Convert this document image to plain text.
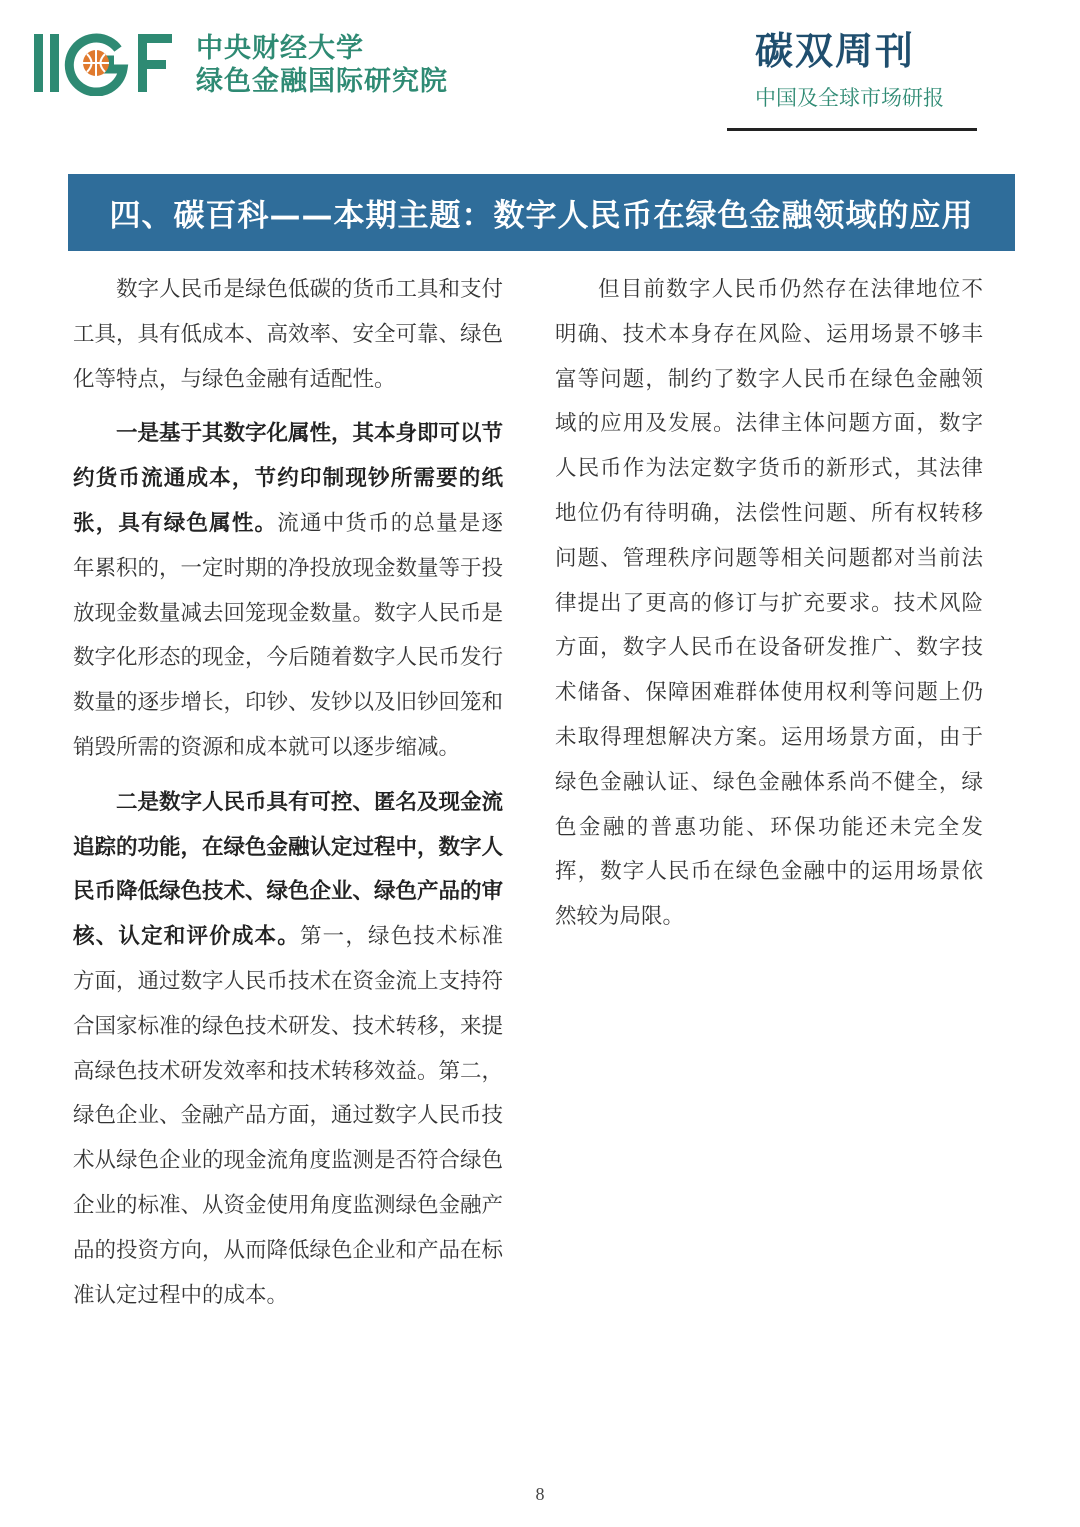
中央财经大学
绿色金融国际研究院
碳双周刊
中国及全球市场研报
四、碳百科——本期主题：数字人民币在绿色金融领域的应用

数字人民币是绿色低碳的货币工具和支付工具，具有低成本、高效率、安全可靠、绿色化等特点，与绿色金融有适配性。

一是基于其数字化属性，其本身即可以节约货币流通成本，节约印制现钞所需要的纸张，具有绿色属性。流通中货币的总量是逐年累积的，一定时期的净投放现金数量等于投放现金数量减去回笼现金数量。数字人民币是数字化形态的现金，今后随着数字人民币发行数量的逐步增长，印钞、发钞以及旧钞回笼和销毁所需的资源和成本就可以逐步缩减。

二是数字人民币具有可控、匿名及现金流追踪的功能，在绿色金融认定过程中，数字人民币降低绿色技术、绿色企业、绿色产品的审核、认定和评价成本。第一，绿色技术标准方面，通过数字人民币技术在资金流上支持符合国家标准的绿色技术研发、技术转移，来提高绿色技术研发效率和技术转移效益。第二，绿色企业、金融产品方面，通过数字人民币技术从绿色企业的现金流角度监测是否符合绿色企业的标准、从资金使用角度监测绿色金融产品的投资方向，从而降低绿色企业和产品在标准认定过程中的成本。

但目前数字人民币仍然存在法律地位不明确、技术本身存在风险、运用场景不够丰富等问题，制约了数字人民币在绿色金融领域的应用及发展。法律主体问题方面，数字人民币作为法定数字货币的新形式，其法律地位仍有待明确，法偿性问题、所有权转移问题、管理秩序问题等相关问题都对当前法律提出了更高的修订与扩充要求。技术风险方面，数字人民币在设备研发推广、数字技术储备、保障困难群体使用权利等问题上仍未取得理想解决方案。运用场景方面，由于绿色金融认证、绿色金融体系尚不健全，绿色金融的普惠功能、环保功能还未完全发挥，数字人民币在绿色金融中的运用场景依然较为局限。

8
